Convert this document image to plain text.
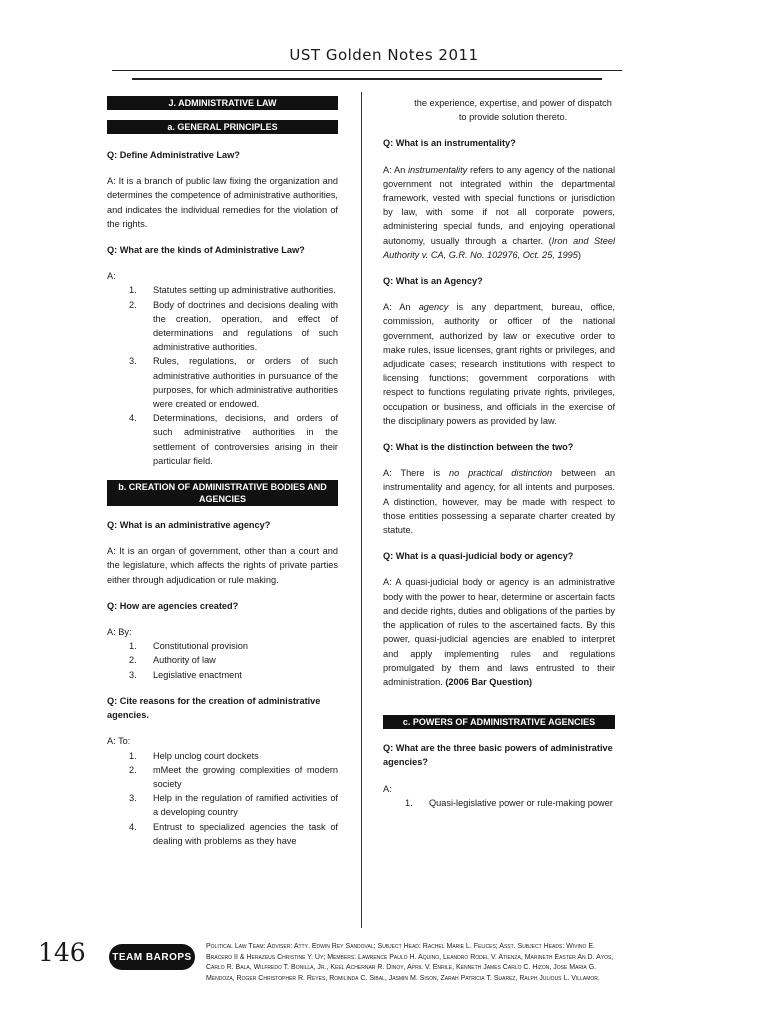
UST Golden Notes 2011
J. ADMINISTRATIVE LAW
a. GENERAL PRINCIPLES
Q: Define Administrative Law?
A: It is a branch of public law fixing the organization and determines the competence of administrative authorities, and indicates the individual remedies for the violation of the rights.
Q: What are the kinds of Administrative Law?
A:
1.	Statutes setting up administrative authorities.
2.	Body of doctrines and decisions dealing with the creation, operation, and effect of determinations and regulations of such administrative authorities.
3.	Rules, regulations, or orders of such administrative authorities in pursuance of the purposes, for which administrative authorities were created or endowed.
4.	Determinations, decisions, and orders of such administrative authorities in the settlement of controversies arising in their particular field.
b. CREATION OF ADMINISTRATIVE BODIES AND AGENCIES
Q: What is an administrative agency?
A: It is an organ of government, other than a court and the legislature, which affects the rights of private parties either through adjudication or rule making.
Q: How are agencies created?
A: By:
1.	Constitutional provision
2.	Authority of law
3.	Legislative enactment
Q: Cite reasons for the creation of administrative agencies.
A: To:
1.	Help unclog court dockets
2.	mMeet the growing complexities of modern society
3.	Help in the regulation of ramified activities of a developing country
4.	Entrust to specialized agencies the task of dealing with problems as they have
the experience, expertise, and power of dispatch to provide solution thereto.
Q: What is an instrumentality?
A: An instrumentality refers to any agency of the national government not integrated within the departmental framework, vested with special functions or jurisdiction by law, with some if not all corporate powers, administering special funds, and enjoying operational autonomy, usually through a charter. (Iron and Steel Authority v. CA, G.R. No. 102976, Oct. 25, 1995)
Q: What is an Agency?
A: An agency is any department, bureau, office, commission, authority or officer of the national government, authorized by law or executive order to make rules, issue licenses, grant rights or privileges, and adjudicate cases; research institutions with respect to licensing functions; government corporations with respect to functions regulating private rights, privileges, occupation or business, and officials in the exercise of the disciplinary powers as provided by law.
Q: What is the distinction between the two?
A: There is no practical distinction between an instrumentality and agency, for all intents and purposes. A distinction, however, may be made with respect to those entities possessing a separate charter created by statute.
Q: What is a quasi-judicial body or agency?
A: A quasi-judicial body or agency is an administrative body with the power to hear, determine or ascertain facts and decide rights, duties and obligations of the parties by the application of rules to the ascertained facts. By this power, quasi-judicial agencies are enabled to interpret and apply implementing rules and regulations promulgated by them and laws entrusted to their administration. (2006 Bar Question)
c. POWERS OF ADMINISTRATIVE AGENCIES
Q: What are the three basic powers of administrative agencies?
A:
1.	Quasi-legislative power or rule-making power
146	TEAM BAROPS
Political Law Team: Adviser: Atty. Edwin Rey Sandoval; Subject Head: Rachel Marie L. Felices; Asst. Subject Heads: Wivino E. Bracero II & Herazeus Christine Y. Uy; Members: Lawrence Paulo H. Aquino, Leandro Rodel V. Atienza, Marineth Easter An D. Ayos, Carlo R. Bala, Wilfredo T. Bonilla, Jr., Keel Achernar R. Dinoy, April V. Enrile, Kenneth James Carlo C. Hizon, Jose Maria G. Mendoza, Roger Christopher R. Reyes, Romilinda C. Sibal, Jasmin M. Sison, Zarah Patricia T. Suarez, Ralph Julious L. Villamor.
